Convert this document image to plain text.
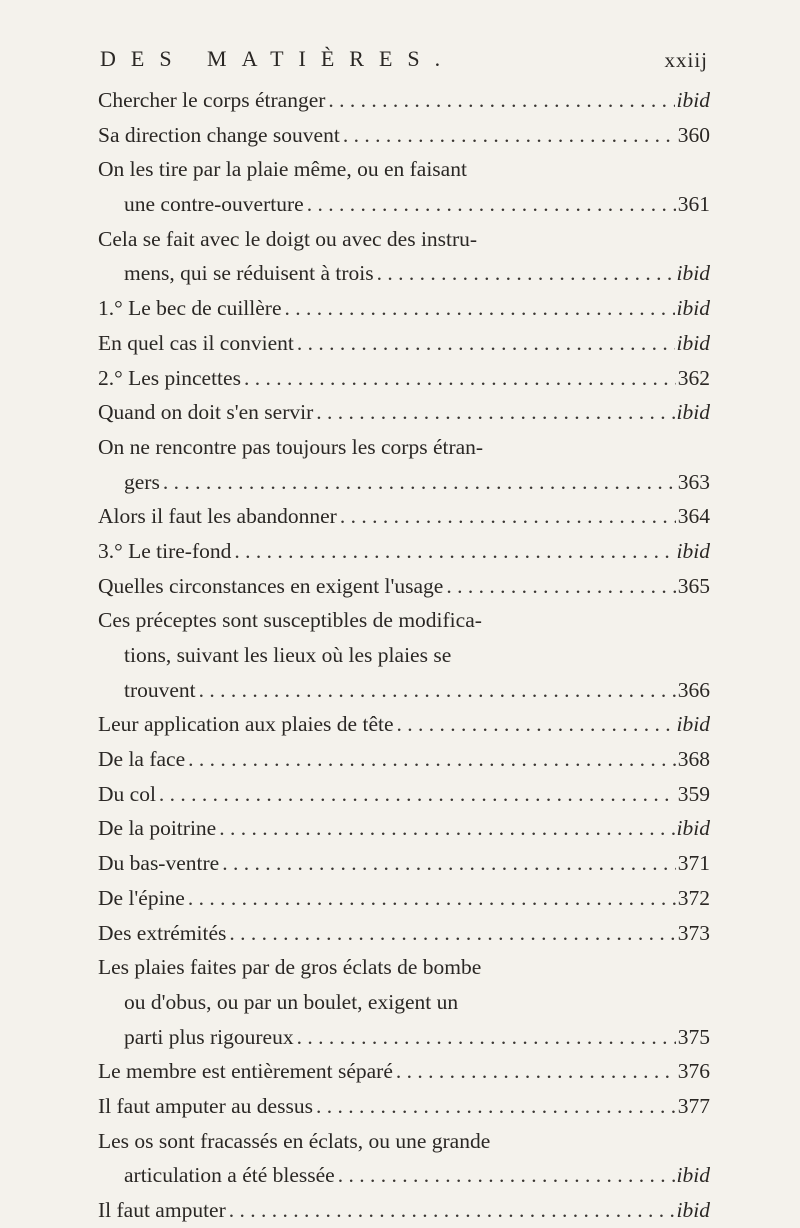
DES MATIÈRES.	xxiij
Chercher le corps étranger . . .	ibid
Sa direction change souvent . . .	360
On les tire par la plaie même, ou en faisant
une contre-ouverture . . .	361
Cela se fait avec le doigt ou avec des instru-
mens, qui se réduisent à trois . . .	ibid
1.° Le bec de cuillère . . .	ibid
En quel cas il convient . . .	ibid
2.° Les pincettes . . .	362
Quand on doit s'en servir . . .	ibid
On ne rencontre pas toujours les corps étran-
gers . . .	363
Alors il faut les abandonner . . .	364
3.° Le tire-fond . . .	ibid
Quelles circonstances en exigent l'usage . . .	365
Ces préceptes sont susceptibles de modifica-
tions, suivant les lieux où les plaies se
trouvent . . .	366
Leur application aux plaies de tête . . .	ibid
De la face . . .	368
Du col . . .	359
De la poitrine . . .	ibid
Du bas-ventre . . .	371
De l'épine . . .	372
Des extrémités . . .	373
Les plaies faites par de gros éclats de bombe
ou d'obus, ou par un boulet, exigent un
parti plus rigoureux . . .	375
Le membre est entièrement séparé . . .	376
Il faut amputer au dessus . . .	377
Les os sont fracassés en éclats, ou une grande
articulation a été blessée . . .	ibid
Il faut amputer . . .	ibid
